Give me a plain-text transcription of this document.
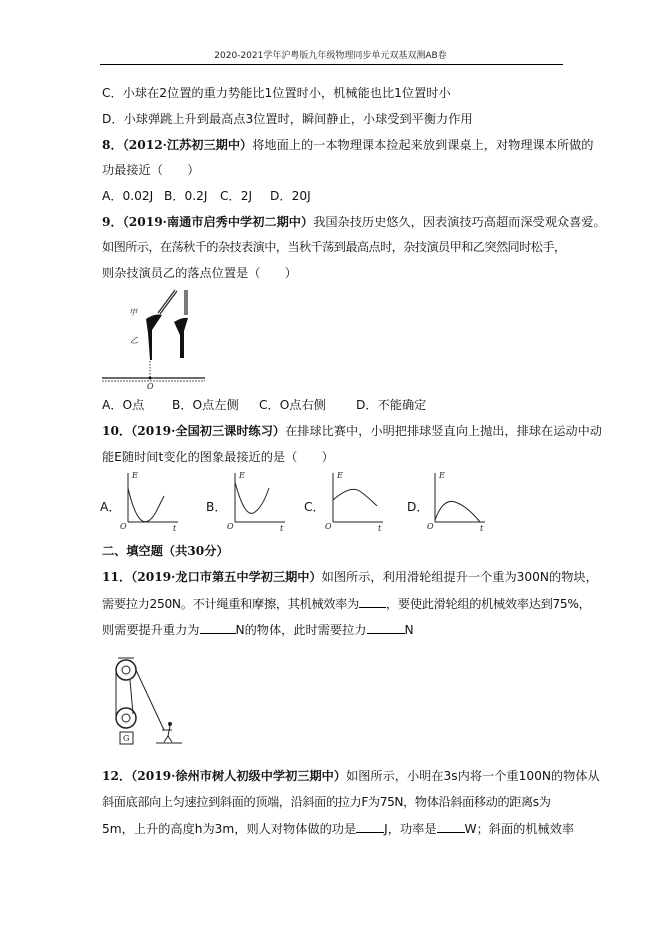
2020-2021学年沪粤版九年级物理同步单元双基双测AB卷
C．小球在2位置的重力势能比1位置时小，机械能也比1位置时小
D．小球弹跳上升到最高点3位置时，瞬间静止，小球受到平衡力作用
8．（2012·江苏初三期中）将地面上的一本物理课本捡起来放到课桌上，对物理课本所做的
功最接近（　　）
A．0.02J B．0.2J C．2J D．20J
9．（2019·南通市启秀中学初二期中）我国杂技历史悠久，因表演技巧高超而深受观众喜爱。
如图所示，在荡秋千的杂技表演中，当秋千荡到最高点时，杂技演员甲和乙突然同时松手，
则杂技演员乙的落点位置是（　　）
甲
乙
O
A．O点 B．O点左侧 C．O点右侧 D．不能确定
10．（2019·全国初三课时练习）在排球比赛中，小明把排球竖直向上抛出，排球在运动中动
能E随时间t变化的图象最接近的是（　　）
A．	B．	C．	D．
E
t
O
E
t
O
E
t
O
E
t
O
二、填空题（共30分）
11．（2019·龙口市第五中学初三期中）如图所示，利用滑轮组提升一个重为300N的物块，
需要拉力250N。不计绳重和摩擦，其机械效率为 ，要使此滑轮组的机械效率达到75%，
则需要提升重力为	N的物体，此时需要拉力	N
G
12．（2019·徐州市树人初级中学初三期中）如图所示，小明在3s内将一个重100N的物体从
斜面底部向上匀速拉到斜面的顶端，沿斜面的拉力F为75N，物体沿斜面移动的距离s为
5m，上升的高度h为3m，则人对物体做的功是 J，功率是 W；斜面的机械效率
